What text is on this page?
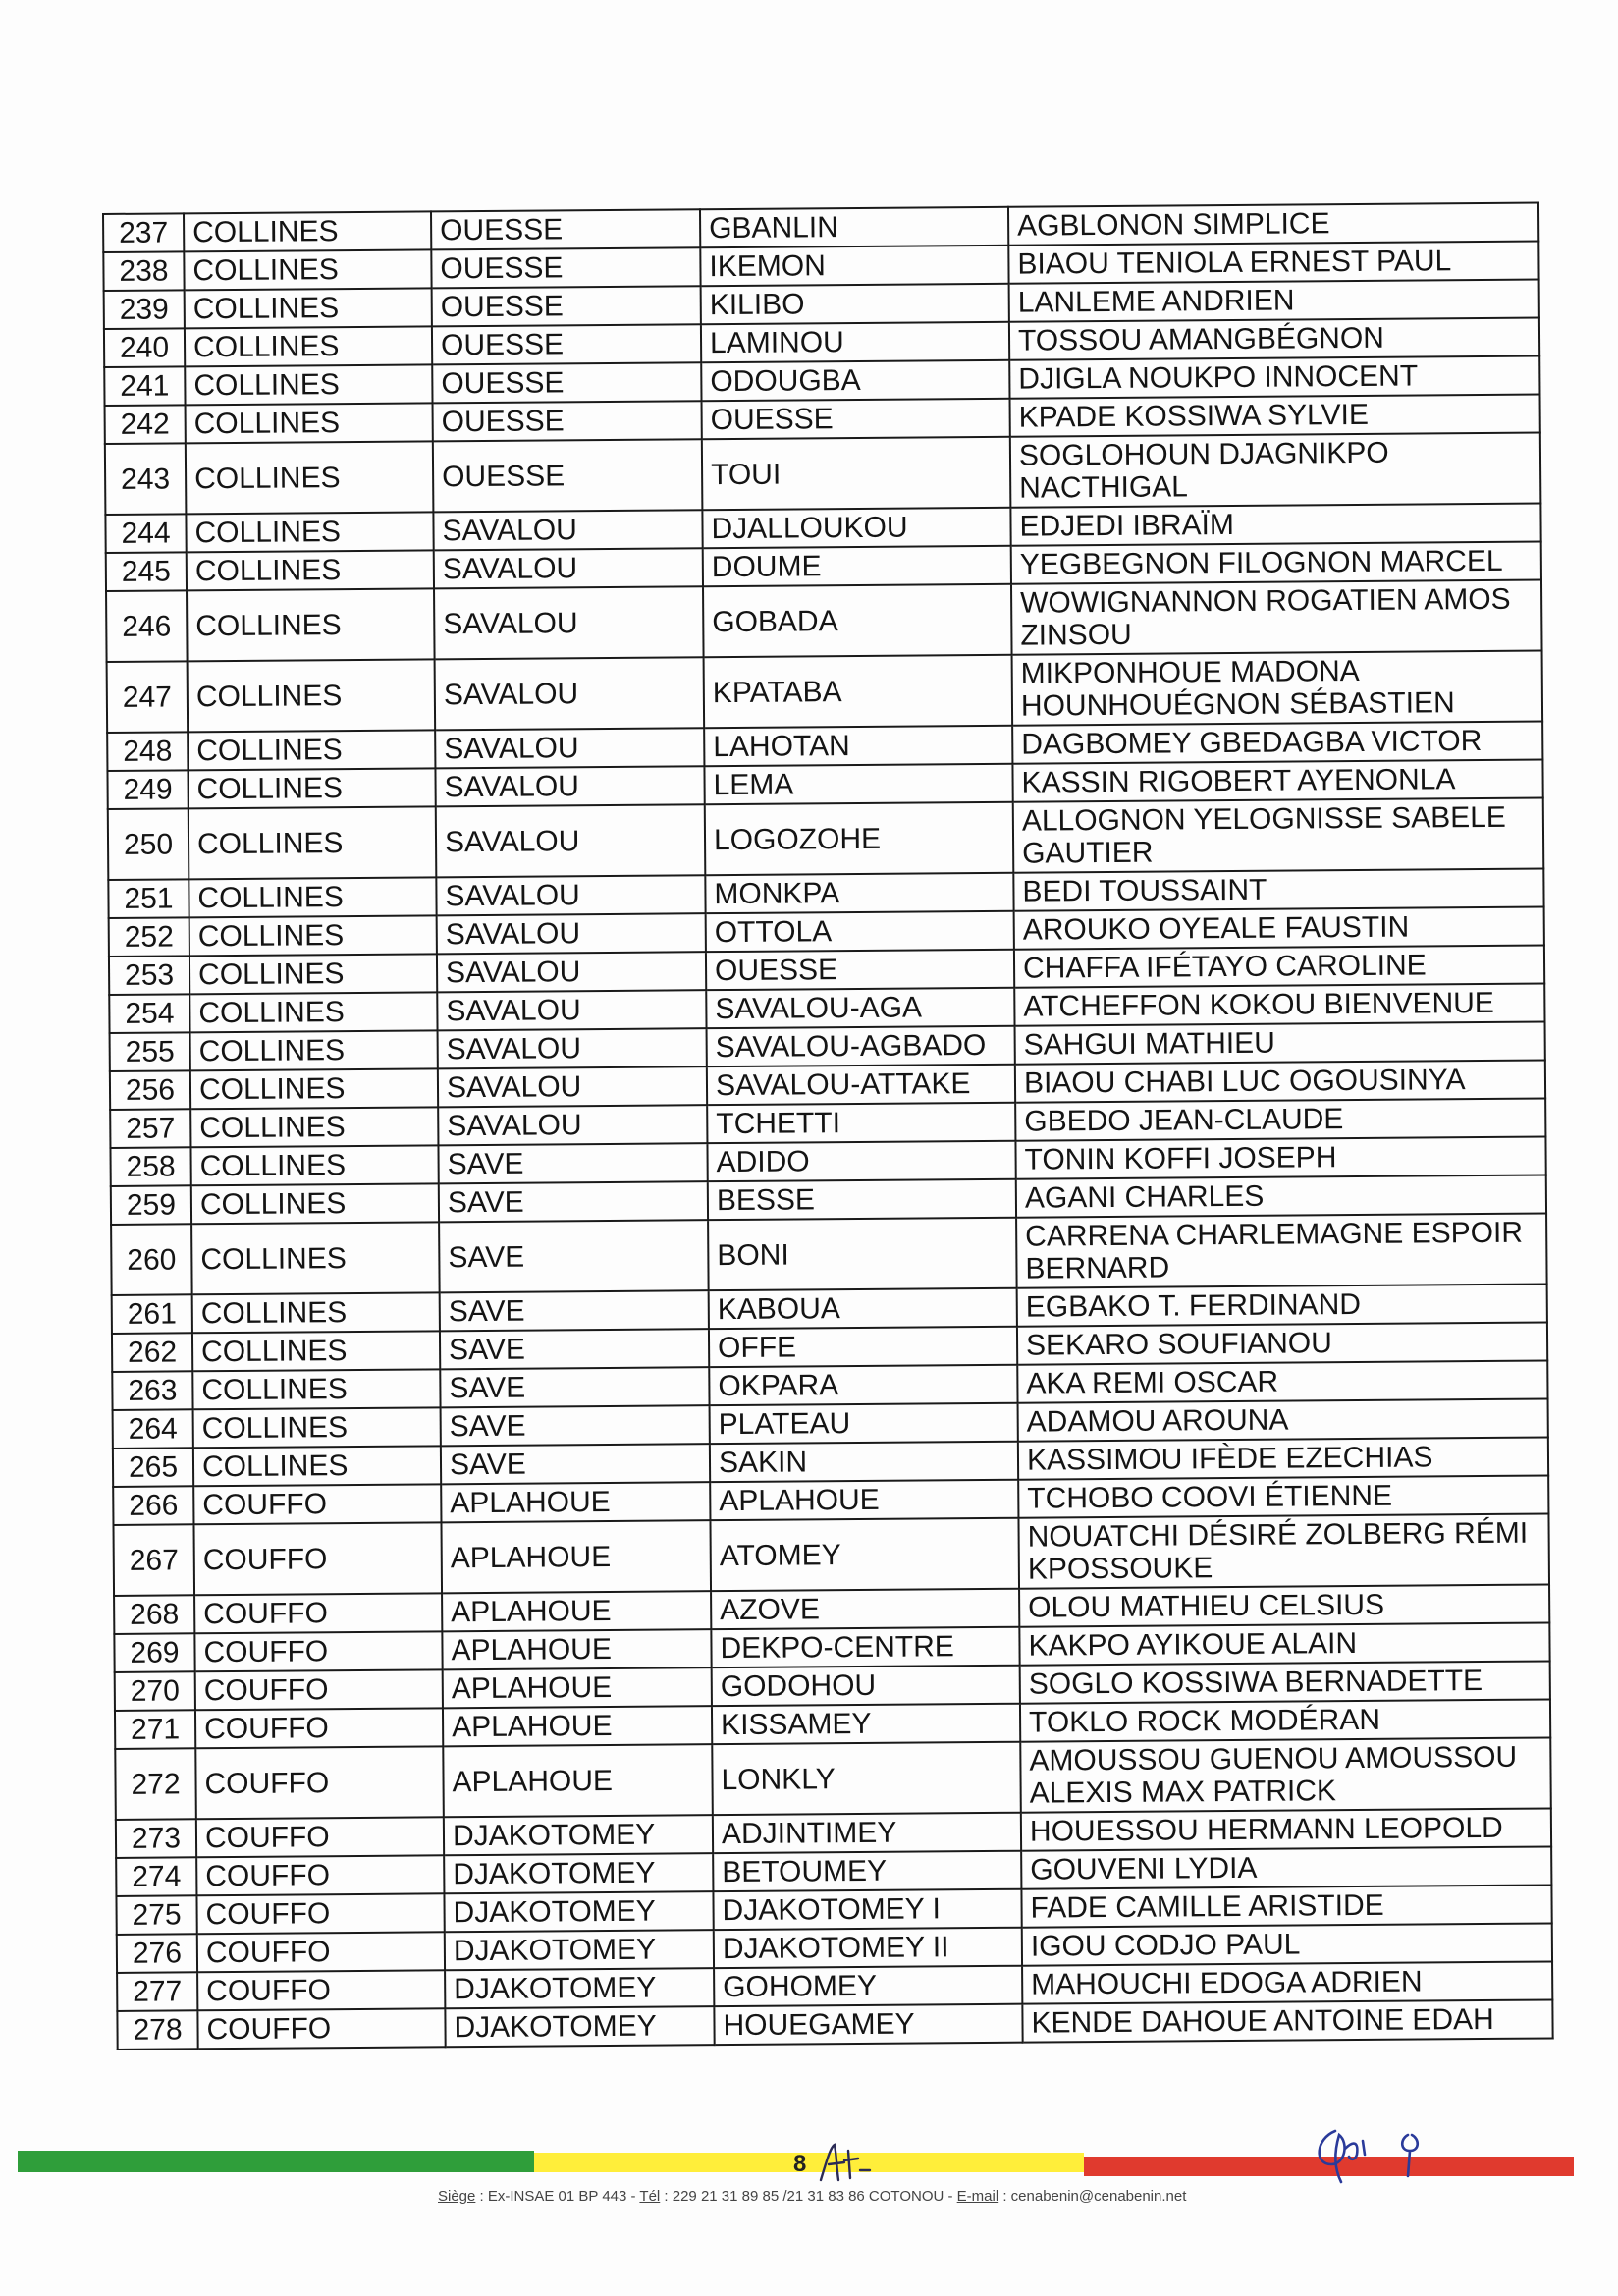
237	COLLINES	OUESSE	GBANLIN	AGBLONON SIMPLICE
238	COLLINES	OUESSE	IKEMON	BIAOU TENIOLA ERNEST PAUL
239	COLLINES	OUESSE	KILIBO	LANLEME ANDRIEN
240	COLLINES	OUESSE	LAMINOU	TOSSOU AMANGBÉGNON
241	COLLINES	OUESSE	ODOUGBA	DJIGLA NOUKPO INNOCENT
242	COLLINES	OUESSE	OUESSE	KPADE KOSSIWA SYLVIE
243	COLLINES	OUESSE	TOUI	SOGLOHOUN DJAGNIKPO NACTHIGAL
244	COLLINES	SAVALOU	DJALLOUKOU	EDJEDI IBRAÏM
245	COLLINES	SAVALOU	DOUME	YEGBEGNON FILOGNON MARCEL
246	COLLINES	SAVALOU	GOBADA	WOWIGNANNON ROGATIEN AMOS ZINSOU
247	COLLINES	SAVALOU	KPATABA	MIKPONHOUE MADONA HOUNHOUÉGNON SÉBASTIEN
248	COLLINES	SAVALOU	LAHOTAN	DAGBOMEY GBEDAGBA VICTOR
249	COLLINES	SAVALOU	LEMA	KASSIN RIGOBERT AYENONLA
250	COLLINES	SAVALOU	LOGOZOHE	ALLOGNON YELOGNISSE SABELE GAUTIER
251	COLLINES	SAVALOU	MONKPA	BEDI TOUSSAINT
252	COLLINES	SAVALOU	OTTOLA	AROUKO OYEALE FAUSTIN
253	COLLINES	SAVALOU	OUESSE	CHAFFA IFÉTAYO CAROLINE
254	COLLINES	SAVALOU	SAVALOU-AGA	ATCHEFFON KOKOU BIENVENUE
255	COLLINES	SAVALOU	SAVALOU-AGBADO	SAHGUI MATHIEU
256	COLLINES	SAVALOU	SAVALOU-ATTAKE	BIAOU CHABI LUC OGOUSINYA
257	COLLINES	SAVALOU	TCHETTI	GBEDO JEAN-CLAUDE
258	COLLINES	SAVE	ADIDO	TONIN KOFFI JOSEPH
259	COLLINES	SAVE	BESSE	AGANI CHARLES
260	COLLINES	SAVE	BONI	CARRENA CHARLEMAGNE ESPOIR BERNARD
261	COLLINES	SAVE	KABOUA	EGBAKO T. FERDINAND
262	COLLINES	SAVE	OFFE	SEKARO SOUFIANOU
263	COLLINES	SAVE	OKPARA	AKA REMI OSCAR
264	COLLINES	SAVE	PLATEAU	ADAMOU AROUNA
265	COLLINES	SAVE	SAKIN	KASSIMOU IFÈDE EZECHIAS
266	COUFFO	APLAHOUE	APLAHOUE	TCHOBO COOVI ÉTIENNE
267	COUFFO	APLAHOUE	ATOMEY	NOUATCHI DÉSIRÉ ZOLBERG RÉMI KPOSSOUKE
268	COUFFO	APLAHOUE	AZOVE	OLOU MATHIEU CELSIUS
269	COUFFO	APLAHOUE	DEKPO-CENTRE	KAKPO AYIKOUE ALAIN
270	COUFFO	APLAHOUE	GODOHOU	SOGLO KOSSIWA BERNADETTE
271	COUFFO	APLAHOUE	KISSAMEY	TOKLO ROCK MODÉRAN
272	COUFFO	APLAHOUE	LONKLY	AMOUSSOU GUENOU AMOUSSOU ALEXIS MAX PATRICK
273	COUFFO	DJAKOTOMEY	ADJINTIMEY	HOUESSOU HERMANN LEOPOLD
274	COUFFO	DJAKOTOMEY	BETOUMEY	GOUVENI LYDIA
275	COUFFO	DJAKOTOMEY	DJAKOTOMEY I	FADE CAMILLE ARISTIDE
276	COUFFO	DJAKOTOMEY	DJAKOTOMEY II	IGOU CODJO PAUL
277	COUFFO	DJAKOTOMEY	GOHOMEY	MAHOUCHI EDOGA ADRIEN
278	COUFFO	DJAKOTOMEY	HOUEGAMEY	KENDE DAHOUE ANTOINE EDAH
8
Siège : Ex-INSAE 01 BP 443 - Tél : 229 21 31 89 85 /21 31 83 86 COTONOU - E-mail : cenabenin@cenabenin.net
